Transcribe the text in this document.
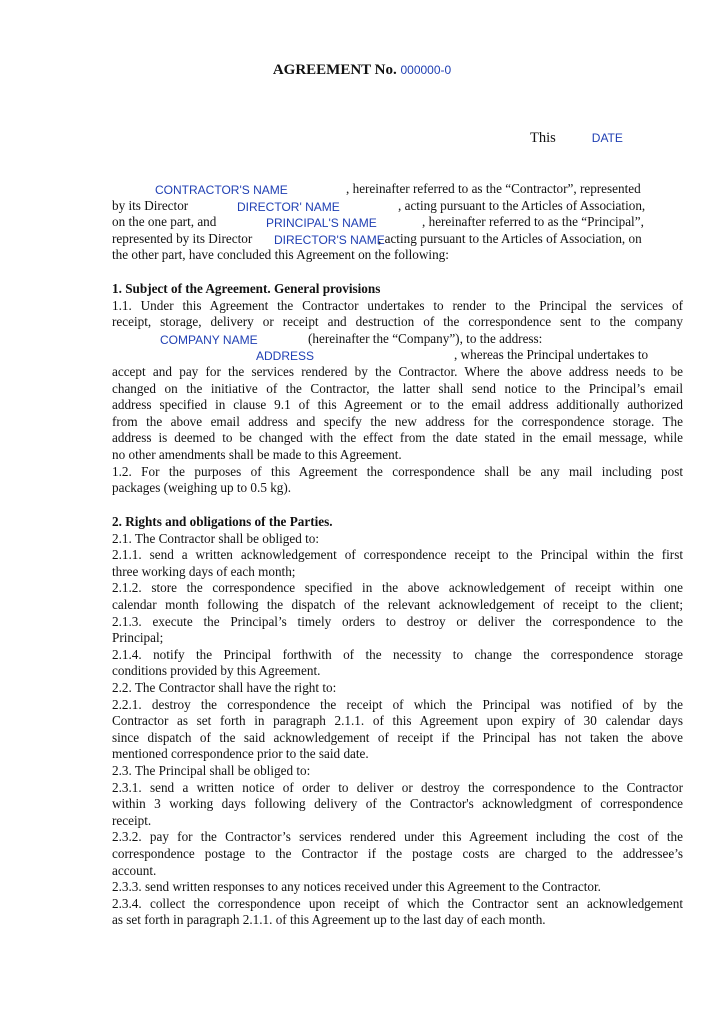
AGREEMENT No. 000000-0
This	DATE
CONTRACTOR'S NAME	, hereinafter referred to as the “Contractor”, represented
by its Director	DIRECTOR' NAME	, acting pursuant to the Articles of Association,
on the one part, and	PRINCIPAL'S NAME	, hereinafter referred to as the “Principal”,
represented by its Director DIRECTOR'S NAME
, acting pursuant to the Articles of Association, on
the other part, have concluded this Agreement on the following:
1. Subject of the Agreement. General provisions
1.1. Under this Agreement the Contractor undertakes to render to the Principal the services of
receipt, storage, delivery or receipt and destruction of the correspondence sent to the company
COMPANY NAME	(hereinafter the “Company”), to the address:
ADDRESS	, whereas the Principal undertakes to
accept and pay for the services rendered by the Contractor. Where the above address needs to be
changed on the initiative of the Contractor, the latter shall send notice to the Principal’s email
address specified in clause 9.1 of this Agreement or to the email address additionally authorized
from the above email address and specify the new address for the correspondence storage. The
address is deemed to be changed with the effect from the date stated in the email message, while
no other amendments shall be made to this Agreement.
1.2. For the purposes of this Agreement the correspondence shall be any mail including post
packages (weighing up to 0.5 kg).
2. Rights and obligations of the Parties.
2.1. The Contractor shall be obliged to:
2.1.1. send a written acknowledgement of correspondence receipt to the Principal within the first
three working days of each month;
2.1.2. store the correspondence specified in the above acknowledgement of receipt within one
calendar month following the dispatch of the relevant acknowledgement of receipt to the client;
2.1.3. execute the Principal’s timely orders to destroy or deliver the correspondence to the
Principal;
2.1.4. notify the Principal forthwith of the necessity to change the correspondence storage
conditions provided by this Agreement.
2.2. The Contractor shall have the right to:
2.2.1. destroy the correspondence the receipt of which the Principal was notified of by the
Contractor as set forth in paragraph 2.1.1. of this Agreement upon expiry of 30 calendar days
since dispatch of the said acknowledgement of receipt if the Principal has not taken the above
mentioned correspondence prior to the said date.
2.3. The Principal shall be obliged to:
2.3.1. send a written notice of order to deliver or destroy the correspondence to the Contractor
within 3 working days following delivery of the Contractor's acknowledgment of correspondence
receipt.
2.3.2. pay for the Contractor’s services rendered under this Agreement including the cost of the
correspondence postage to the Contractor if the postage costs are charged to the addressee’s
account.
2.3.3. send written responses to any notices received under this Agreement to the Contractor.
2.3.4. collect the correspondence upon receipt of which the Contractor sent an acknowledgement
as set forth in paragraph 2.1.1. of this Agreement up to the last day of each month.
